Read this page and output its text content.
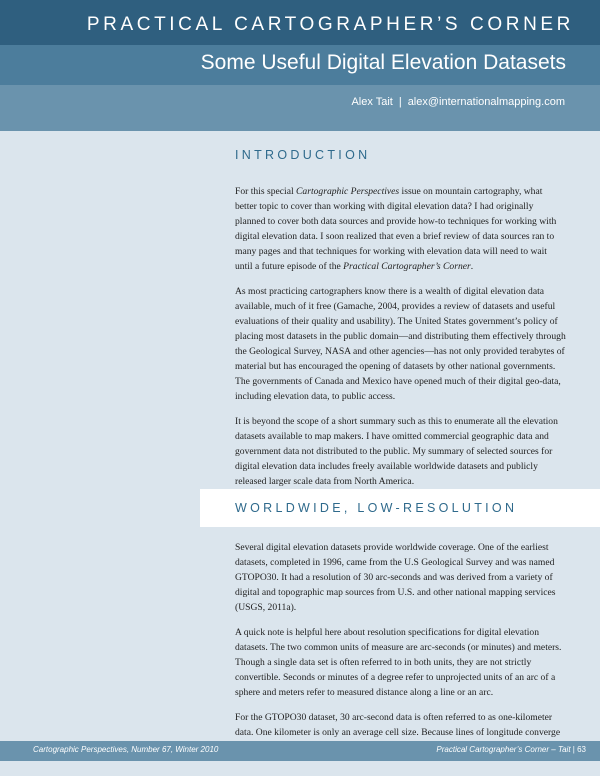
PRACTICAL CARTOGRAPHER’S CORNER
Some Useful Digital Elevation Datasets
Alex Tait | alex@internationalmapping.com
INTRODUCTION

For this special Cartographic Perspectives issue on mountain cartography, what better topic to cover than working with digital elevation data? I had originally planned to cover both data sources and provide how-to techniques for working with digital elevation data. I soon realized that even a brief review of data sources ran to many pages and that techniques for working with elevation data will need to wait until a future episode of the Practical Cartographer’s Corner.

As most practicing cartographers know there is a wealth of digital elevation data available, much of it free (Gamache, 2004, provides a review of datasets and useful evaluations of their quality and usability). The United States government’s policy of placing most datasets in the public domain—and distributing them effectively through the Geological Survey, NASA and other agencies—has not only provided terabytes of material but has encouraged the opening of datasets by other national governments. The governments of Canada and Mexico have opened much of their digital geo-data, including elevation data, to public access.

It is beyond the scope of a short summary such as this to enumerate all the elevation datasets available to map makers. I have omitted commercial geographic data and government data not distributed to the public. My summary of selected sources for digital elevation data includes freely available worldwide datasets and publicly released larger scale data from North America.

WORLDWIDE, LOW-RESOLUTION

Several digital elevation datasets provide worldwide coverage. One of the earliest datasets, completed in 1996, came from the U.S Geological Survey and was named GTOPO30. It had a resolution of 30 arc-seconds and was derived from a variety of digital and topographic map sources from U.S. and other national mapping services (USGS, 2011a).

A quick note is helpful here about resolution specifications for digital elevation datasets. The two common units of measure are arc-seconds (or minutes) and meters. Though a single data set is often referred to in both units, they are not strictly convertible. Seconds or minutes of a degree refer to unprojected units of an arc of a sphere and meters refer to measured distance along a line or an arc.

For the GTOPO30 dataset, 30 arc-second data is often referred to as one-kilometer data. One kilometer is only an average cell size. Because lines of longitude converge

Cartographic Perspectives, Number 67, Winter 2010	Practical Cartographer’s Corner – Tait | 63
